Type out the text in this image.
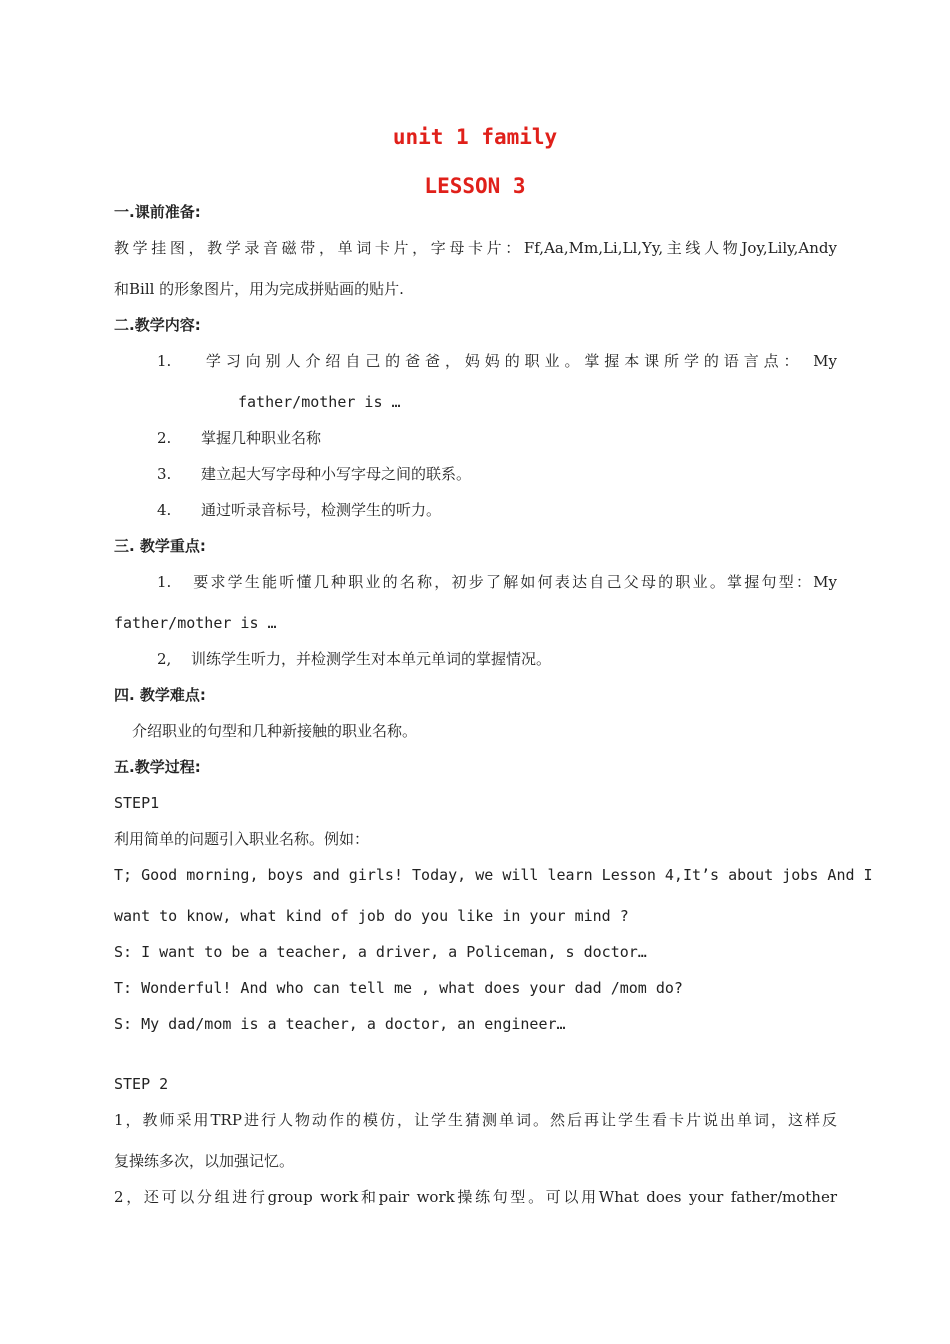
unit 1 family
LESSON 3
一.课前准备:
教学挂图，教学录音磁带，单词卡片，字母卡片：Ff,Aa,Mm,Li,Ll,Yy,主线人物Joy,Lily,Andy
和Bill 的形象图片，用为完成拼贴画的贴片.
二.教学内容:
1. 学习向别人介绍自己的爸爸，妈妈的职业。掌握本课所学的语言点： My
father/mother is …
2. 掌握几种职业名称
3. 建立起大写字母种小写字母之间的联系。
4. 通过听录音标号，检测学生的听力。
三. 教学重点:
1. 要求学生能听懂几种职业的名称，初步了解如何表达自己父母的职业。掌握句型：My
father/mother is …
2, 训练学生听力，并检测学生对本单元单词的掌握情况。
四. 教学难点:
介绍职业的句型和几种新接触的职业名称。
五.教学过程:
STEP1
利用简单的问题引入职业名称。例如：
T; Good morning, boys and girls! Today, we will learn Lesson 4,It’s about jobs And I
want to know, what kind of job do you like in your mind ?
S: I want to be a teacher, a driver, a Policeman, s doctor…
T: Wonderful! And who can tell me , what does your dad /mom do?
S: My dad/mom is a teacher, a doctor, an engineer…
STEP 2
1，教师采用TRP进行人物动作的模仿，让学生猜测单词。然后再让学生看卡片说出单词，这样反
复操练多次，以加强记忆。
2，还可以分组进行group work和pair work操练句型。可以用What does your father/mother
